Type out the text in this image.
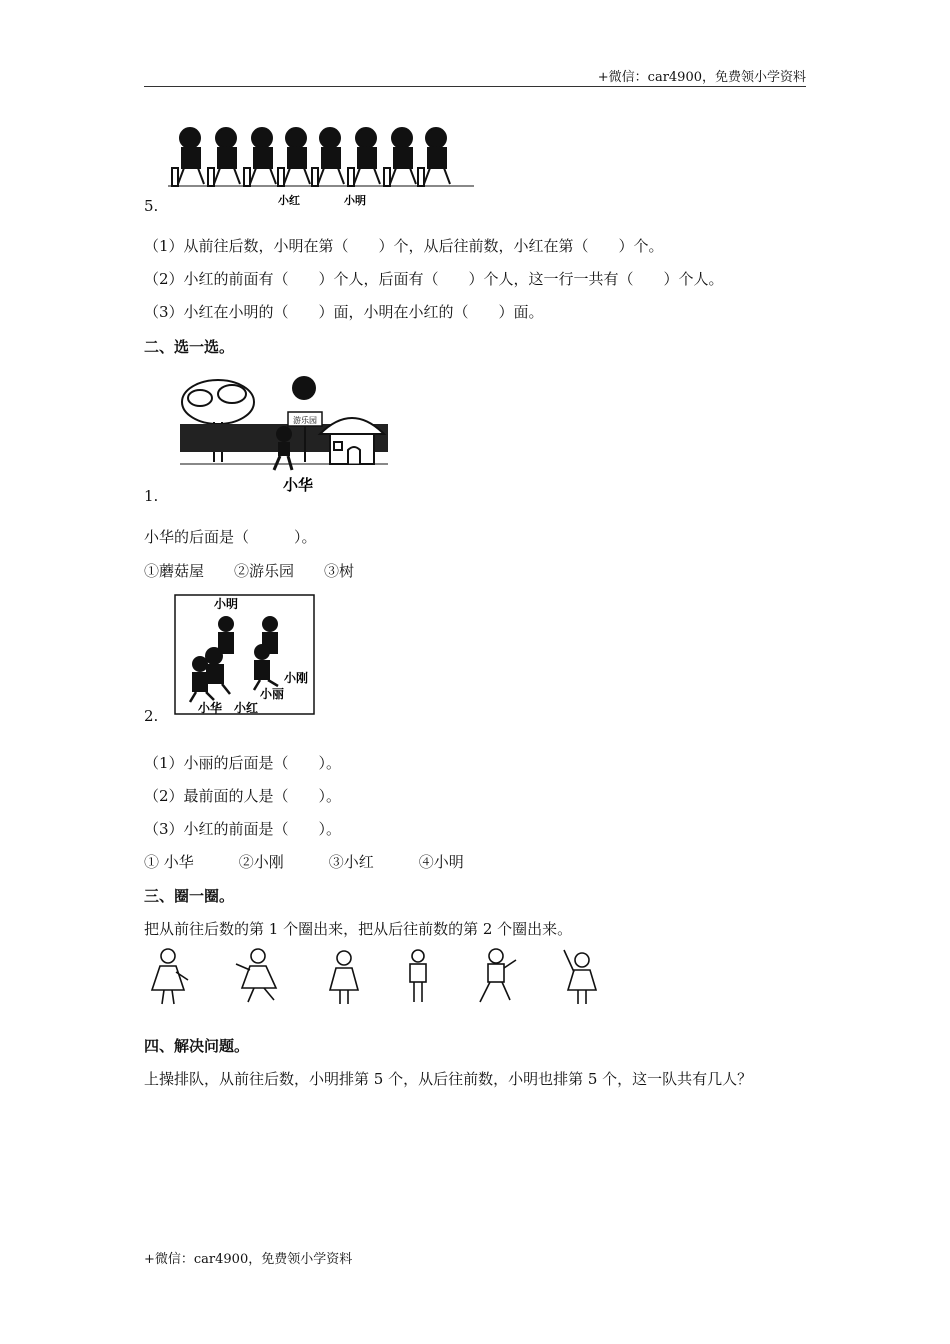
+微信：car4900，免费领小学资料
小红	小明
5.
（1）从前往后数，小明在第（　　）个，从后往前数，小红在第（　　）个。
（2）小红的前面有（　　）个人，后面有（　　）个人，这一行一共有（　　）个人。
（3）小红在小明的（　　）面，小明在小红的（　　）面。
二、选一选。
游乐园
小华
1.
小华的后面是（　　　）。
①蘑菇屋　　②游乐园　　③树
小明
小刚
小丽
小华 小红
2.
（1）小丽的后面是（　　）。
（2）最前面的人是（　　）。
（3）小红的前面是（　　）。
① 小华　　　②小刚　　　③小红　　　④小明
三、圈一圈。
把从前往后数的第 1 个圈出来，把从后往前数的第 2 个圈出来。
四、解决问题。
上操排队，从前往后数，小明排第 5 个，从后往前数，小明也排第 5 个，这一队共有几人？
+微信：car4900，免费领小学资料
